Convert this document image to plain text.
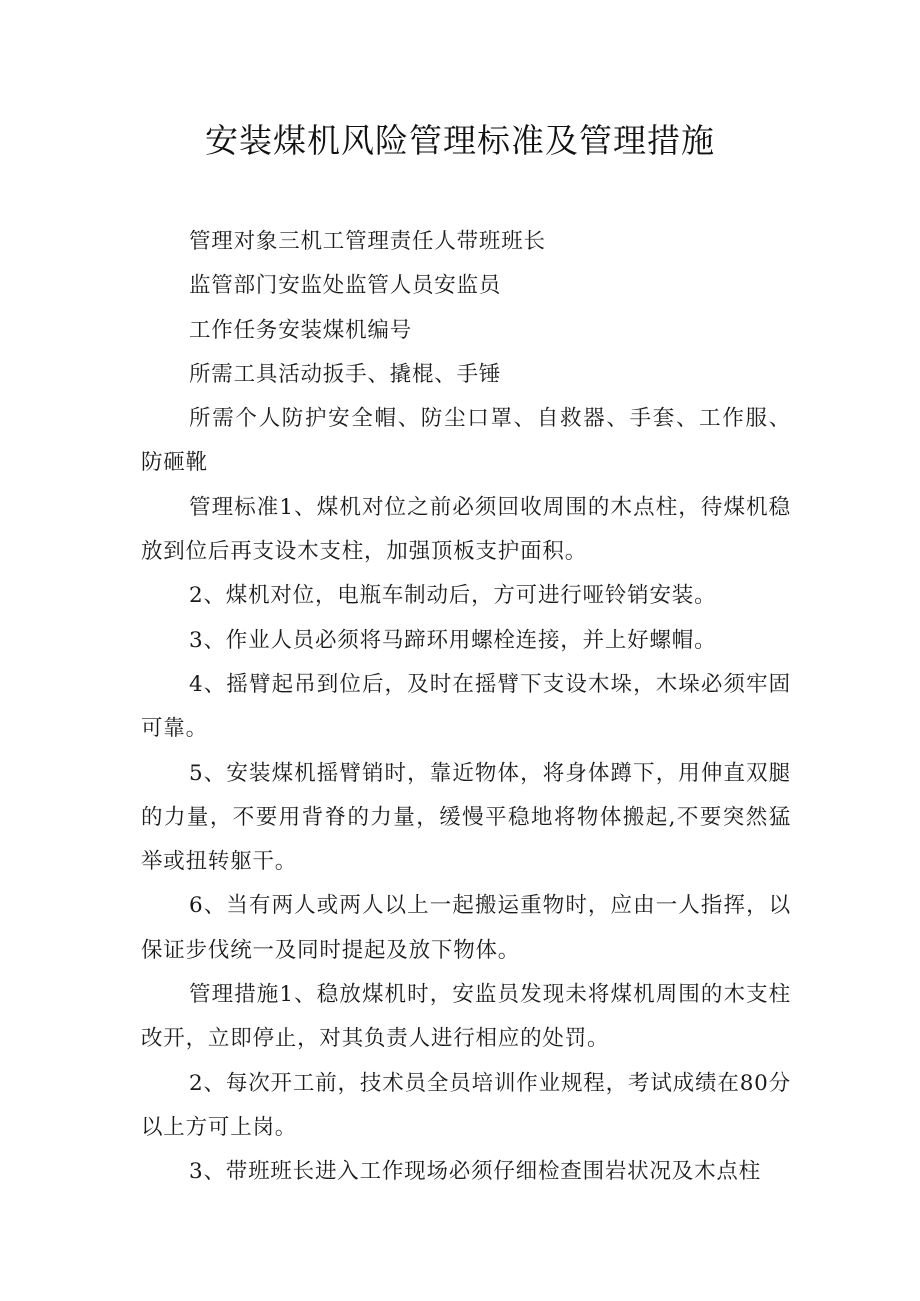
安装煤机风险管理标准及管理措施

管理对象三机工管理责任人带班班长

监管部门安监处监管人员安监员

工作任务安装煤机编号

所需工具活动扳手、撬棍、手锤

所需个人防护安全帽、防尘口罩、自救器、手套、工作服、防砸靴

管理标准1、煤机对位之前必须回收周围的木点柱，待煤机稳放到位后再支设木支柱，加强顶板支护面积。

2、煤机对位，电瓶车制动后，方可进行哑铃销安装。

3、作业人员必须将马蹄环用螺栓连接，并上好螺帽。

4、摇臂起吊到位后，及时在摇臂下支设木垛，木垛必须牢固可靠。

5、安装煤机摇臂销时，靠近物体，将身体蹲下，用伸直双腿的力量，不要用背脊的力量，缓慢平稳地将物体搬起,不要突然猛举或扭转躯干。

6、当有两人或两人以上一起搬运重物时，应由一人指挥，以保证步伐统一及同时提起及放下物体。

管理措施1、稳放煤机时，安监员发现未将煤机周围的木支柱改开，立即停止，对其负责人进行相应的处罚。

2、每次开工前，技术员全员培训作业规程，考试成绩在80分以上方可上岗。

3、带班班长进入工作现场必须仔细检查围岩状况及木点柱
